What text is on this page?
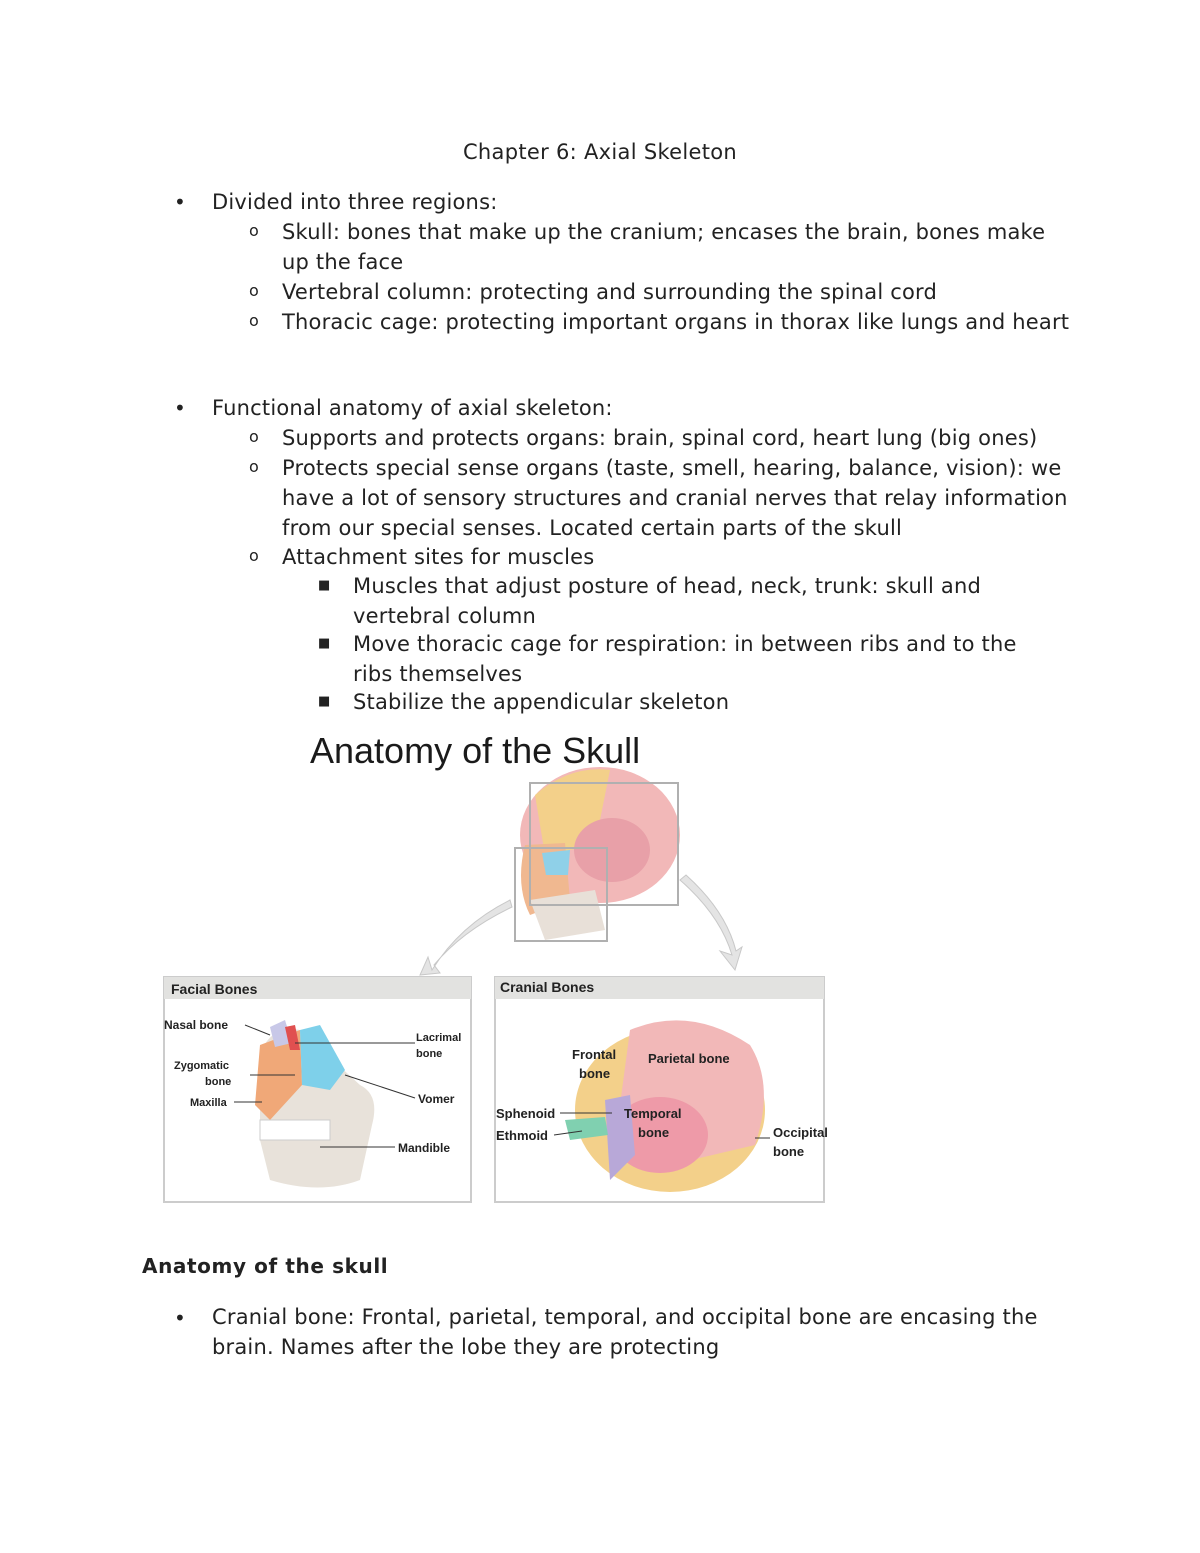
Chapter 6: Axial Skeleton
• Divided into three regions:
o Skull: bones that make up the cranium; encases the brain, bones make up the face
o Vertebral column: protecting and surrounding the spinal cord
o Thoracic cage: protecting important organs in thorax like lungs and heart
• Functional anatomy of axial skeleton:
o Supports and protects organs: brain, spinal cord, heart lung (big ones)
o Protects special sense organs (taste, smell, hearing, balance, vision): we have a lot of sensory structures and cranial nerves that relay information from our special senses. Located certain parts of the skull
o Attachment sites for muscles
■ Muscles that adjust posture of head, neck, trunk: skull and vertebral column
■ Move thoracic cage for respiration: in between ribs and to the ribs themselves
■ Stabilize the appendicular skeleton
Anatomy of the Skull
Facial Bones
Nasal bone
Zygomatic
bone
Maxilla
Lacrimal
bone
Vomer
Mandible
Cranial Bones
Frontal
bone
Parietal bone
Sphenoid
Ethmoid
Temporal
bone	Occipital
bone
Anatomy of the skull
• Cranial bone: Frontal, parietal, temporal, and occipital bone are encasing the brain. Names after the lobe they are protecting
